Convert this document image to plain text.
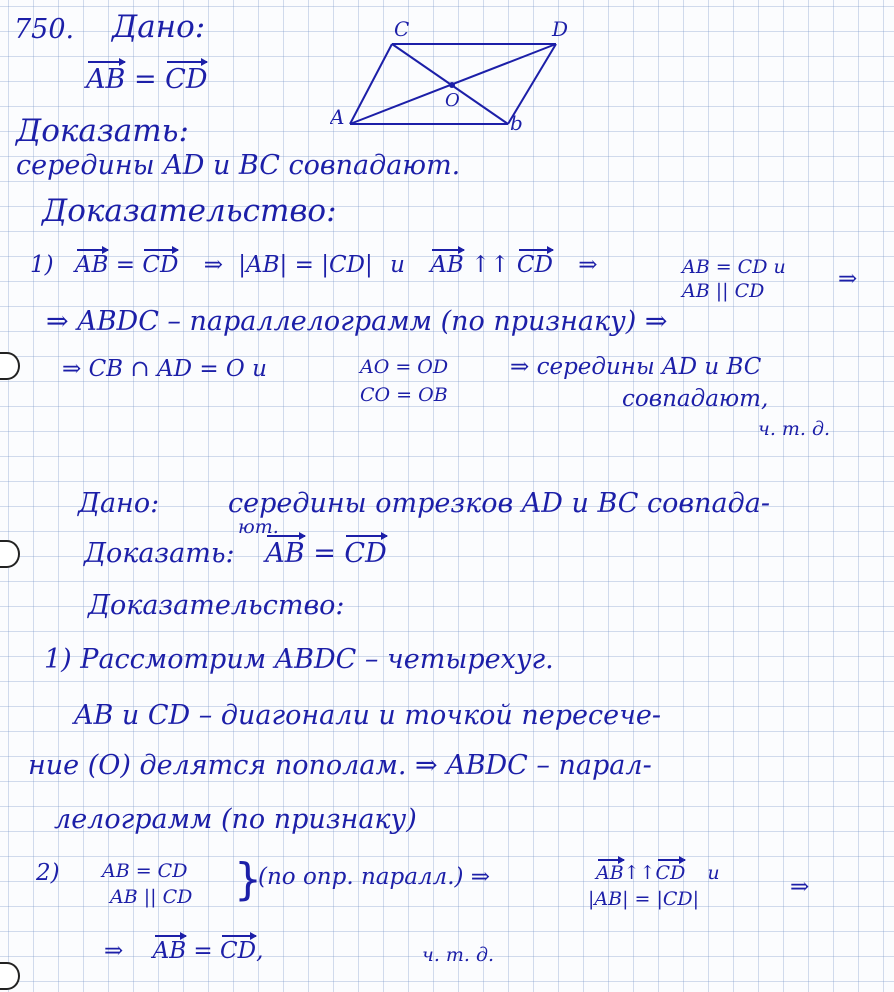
750. Дано:
AB = CD
C	D
A	b
O
Доказать:
середины AD и BC совпадают.
Доказательство:
1) AB = CD ⇒ |AB| = |CD| и AB ↑↑ CD ⇒	AB = CD и
AB || CD	⇒
⇒ ABDC – параллелограмм (по признаку) ⇒
⇒ CB ∩ AD = O и	AO = OD
CO = OB
⇒ середины AD и BC
совпадают,
ч. т. д.
Дано:	середины отрезков AD и BC совпада-
ют.
Доказать: AB = CD
Доказательство:
1) Рассмотрим ABDC – четырехуг.
AB и CD – диагонали и точкой пересече-
ние (O) делятся пополам. ⇒ ABDC – парал-
лелограмм (по признаку)
2) AB = CD
AB || CD }
(по опр. паралл.) ⇒	AB↑↑CD и
|AB| = |CD|	⇒
⇒ AB = CD,	ч. т. д.
